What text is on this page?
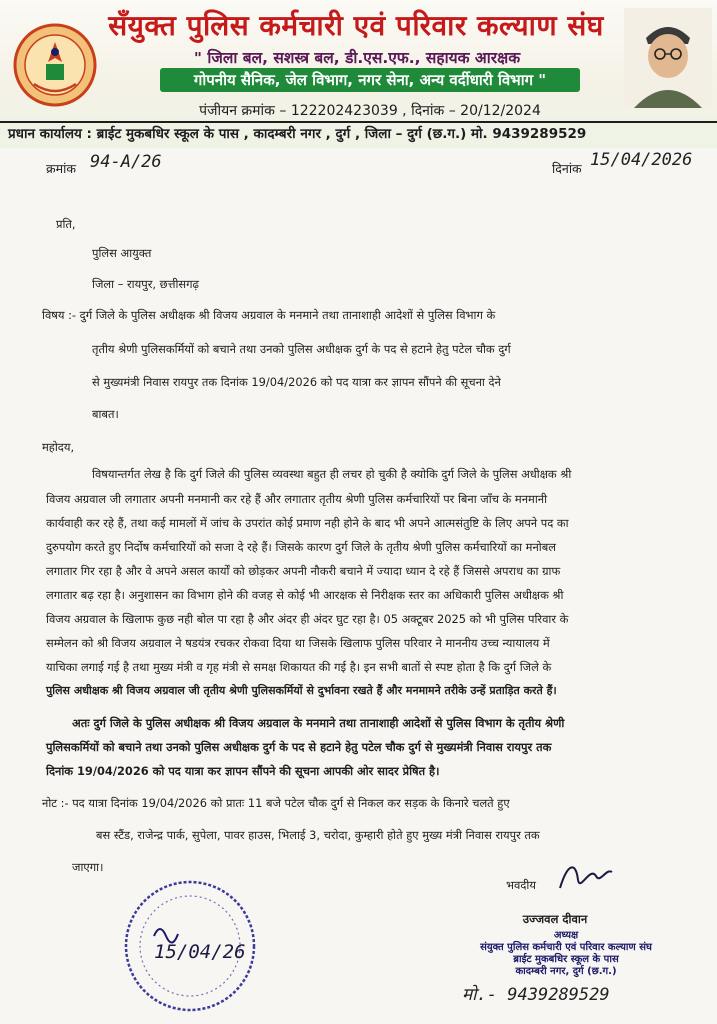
सँयुक्त पुलिस कर्मचारी एवं परिवार कल्याण संघ
" जिला बल, सशस्त्र बल, डी.एस.एफ., सहायक आरक्षक
गोपनीय सैनिक, जेल विभाग, नगर सेना, अन्य वर्दीधारी विभाग "
पंजीयन क्रमांक – 122202423039 , दिनांक – 20/12/2024
प्रधान कार्यालय : ब्राईट मुकबधिर स्कूल के पास , कादम्बरी नगर , दुर्ग , जिला – दुर्ग (छ.ग.) मो. 9439289529
क्रमांक 94-A/26	दिनांक 15/04/2026
प्रति,
पुलिस आयुक्त
जिला – रायपुर, छत्तीसगढ़
विषय :- दुर्ग जिले के पुलिस अधीक्षक श्री विजय अग्रवाल के मनमाने तथा तानाशाही आदेशों से पुलिस विभाग के
तृतीय श्रेणी पुलिसकर्मियों को बचाने तथा उनको पुलिस अधीक्षक दुर्ग के पद से हटाने हेतु पटेल चौक दुर्ग
से मुख्यमंत्री निवास रायपुर तक दिनांक 19/04/2026 को पद यात्रा कर ज्ञापन सौंपने की सूचना देने
बाबत।
महोदय,
विषयान्तर्गत लेख है कि दुर्ग जिले की पुलिस व्यवस्था बहुत ही लचर हो चुकी है क्योकि दुर्ग जिले के पुलिस अधीक्षक श्री
विजय अग्रवाल जी लगातार अपनी मनमानी कर रहे हैं और लगातार तृतीय श्रेणी पुलिस कर्मचारियों पर बिना जाँच के मनमानी
कार्यवाही कर रहे हैं, तथा कई मामलों में जांच के उपरांत कोई प्रमाण नही होने के बाद भी अपने आत्मसंतुष्टि के लिए अपने पद का
दुरुपयोग करते हुए निर्दोष कर्मचारियों को सजा दे रहे हैं। जिसके कारण दुर्ग जिले के तृतीय श्रेणी पुलिस कर्मचारियों का मनोबल
लगातार गिर रहा है और वे अपने असल कार्यों को छोड़कर अपनी नौकरी बचाने में ज्यादा ध्यान दे रहे हैं जिससे अपराध का ग्राफ
लगातार बढ़ रहा है। अनुशासन का विभाग होने की वजह से कोई भी आरक्षक से निरीक्षक स्तर का अधिकारी पुलिस अधीक्षक श्री
विजय अग्रवाल के खिलाफ कुछ नही बोल पा रहा है और अंदर ही अंदर घुट रहा है। 05 अक्टूबर 2025 को भी पुलिस परिवार के
सम्मेलन को श्री विजय अग्रवाल ने षडयंत्र रचकर रोकवा दिया था जिसके खिलाफ पुलिस परिवार ने माननीय उच्च न्यायालय में
याचिका लगाई गई है तथा मुख्य मंत्री व गृह मंत्री से समक्ष शिकायत की गई है। इन सभी बातों से स्पष्ट होता है कि दुर्ग जिले के
पुलिस अधीक्षक श्री विजय अग्रवाल जी तृतीय श्रेणी पुलिसकर्मियों से दुर्भावना रखते हैं और मनमामने तरीके उन्हें प्रताड़ित करते हैं।
अतः दुर्ग जिले के पुलिस अधीक्षक श्री विजय अग्रवाल के मनमाने तथा तानाशाही आदेशों से पुलिस विभाग के तृतीय श्रेणी
पुलिसकर्मियों को बचाने तथा उनको पुलिस अधीक्षक दुर्ग के पद से हटाने हेतु पटेल चौक दुर्ग से मुख्यमंत्री निवास रायपुर तक
दिनांक 19/04/2026 को पद यात्रा कर ज्ञापन सौंपने की सूचना आपकी ओर सादर प्रेषित है।
नोट :- पद यात्रा दिनांक 19/04/2026 को प्रातः 11 बजे पटेल चौक दुर्ग से निकल कर सड़क के किनारे चलते हुए
बस स्टैंड, राजेन्द्र पार्क, सुपेला, पावर हाउस, भिलाई 3, चरोदा, कुम्हारी होते हुए मुख्य मंत्री निवास रायपुर तक
जाएगा।
15/04/26
भवदीय
उज्जवल दीवान
अध्यक्ष
संयुक्त पुलिस कर्मचारी एवं परिवार कल्याण संघ
ब्राईट मुकबधिर स्कूल के पास
कादम्बरी नगर, दुर्ग (छ.ग.)
मो.- 9439289529
